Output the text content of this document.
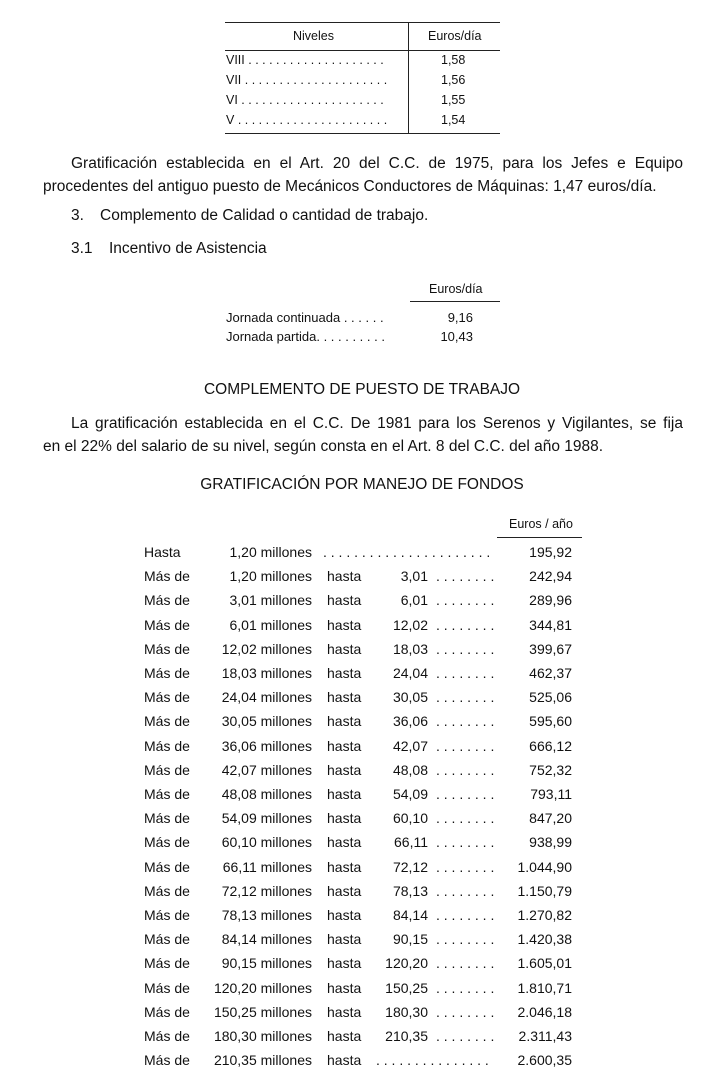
Niveles	Euros/día
VIII . . . . . . . . . . . . . . . . . . . .	1,58
VII . . . . . . . . . . . . . . . . . . . . .	1,56
VI . . . . . . . . . . . . . . . . . . . . .	1,55
V . . . . . . . . . . . . . . . . . . . . . .	1,54
Gratificación establecida en el Art. 20 del C.C. de 1975, para los Jefes e Equipo
procedentes del antiguo puesto de Mecánicos Conductores de Máquinas: 1,47 euros/día.
3. Complemento de Calidad o cantidad de trabajo.
3.1 Incentivo de Asistencia
Euros/día
Jornada continuada . . . . . .	9,16
Jornada partida. . . . . . . . . .	10,43
COMPLEMENTO DE PUESTO DE TRABAJO
La gratificación establecida en el C.C. De 1981 para los Serenos y Vigilantes, se fija
en el 22% del salario de su nivel, según consta en el Art. 8 del C.C. del año 1988.
GRATIFICACIÓN POR MANEJO DE FONDOS
Euros / año
Hasta	1,20 millones . . . . . . . . . . . . . . . . . . . . . .	195,92
Más de	1,20 millones hasta	3,01 . . . . . . . .	242,94
Más de	3,01 millones hasta	6,01 . . . . . . . .	289,96
Más de	6,01 millones hasta	12,02 . . . . . . . .	344,81
Más de	12,02 millones hasta	18,03 . . . . . . . .	399,67
Más de	18,03 millones hasta	24,04 . . . . . . . .	462,37
Más de	24,04 millones hasta	30,05 . . . . . . . .	525,06
Más de	30,05 millones hasta	36,06 . . . . . . . .	595,60
Más de	36,06 millones hasta	42,07 . . . . . . . .	666,12
Más de	42,07 millones hasta	48,08 . . . . . . . .	752,32
Más de	48,08 millones hasta	54,09 . . . . . . . .	793,11
Más de	54,09 millones hasta	60,10 . . . . . . . .	847,20
Más de	60,10 millones hasta	66,11 . . . . . . . .	938,99
Más de	66,11 millones hasta	72,12 . . . . . . . .	1.044,90
Más de	72,12 millones hasta	78,13 . . . . . . . .	1.150,79
Más de	78,13 millones hasta	84,14 . . . . . . . .	1.270,82
Más de	84,14 millones hasta	90,15 . . . . . . . .	1.420,38
Más de	90,15 millones hasta	120,20 . . . . . . . .	1.605,01
Más de	120,20 millones hasta	150,25 . . . . . . . .	1.810,71
Más de	150,25 millones hasta	180,30 . . . . . . . .	2.046,18
Más de	180,30 millones hasta	210,35 . . . . . . . .	2.311,43
Más de	210,35 millones hasta . . . . . . . . . . . . . . .	2.600,35
